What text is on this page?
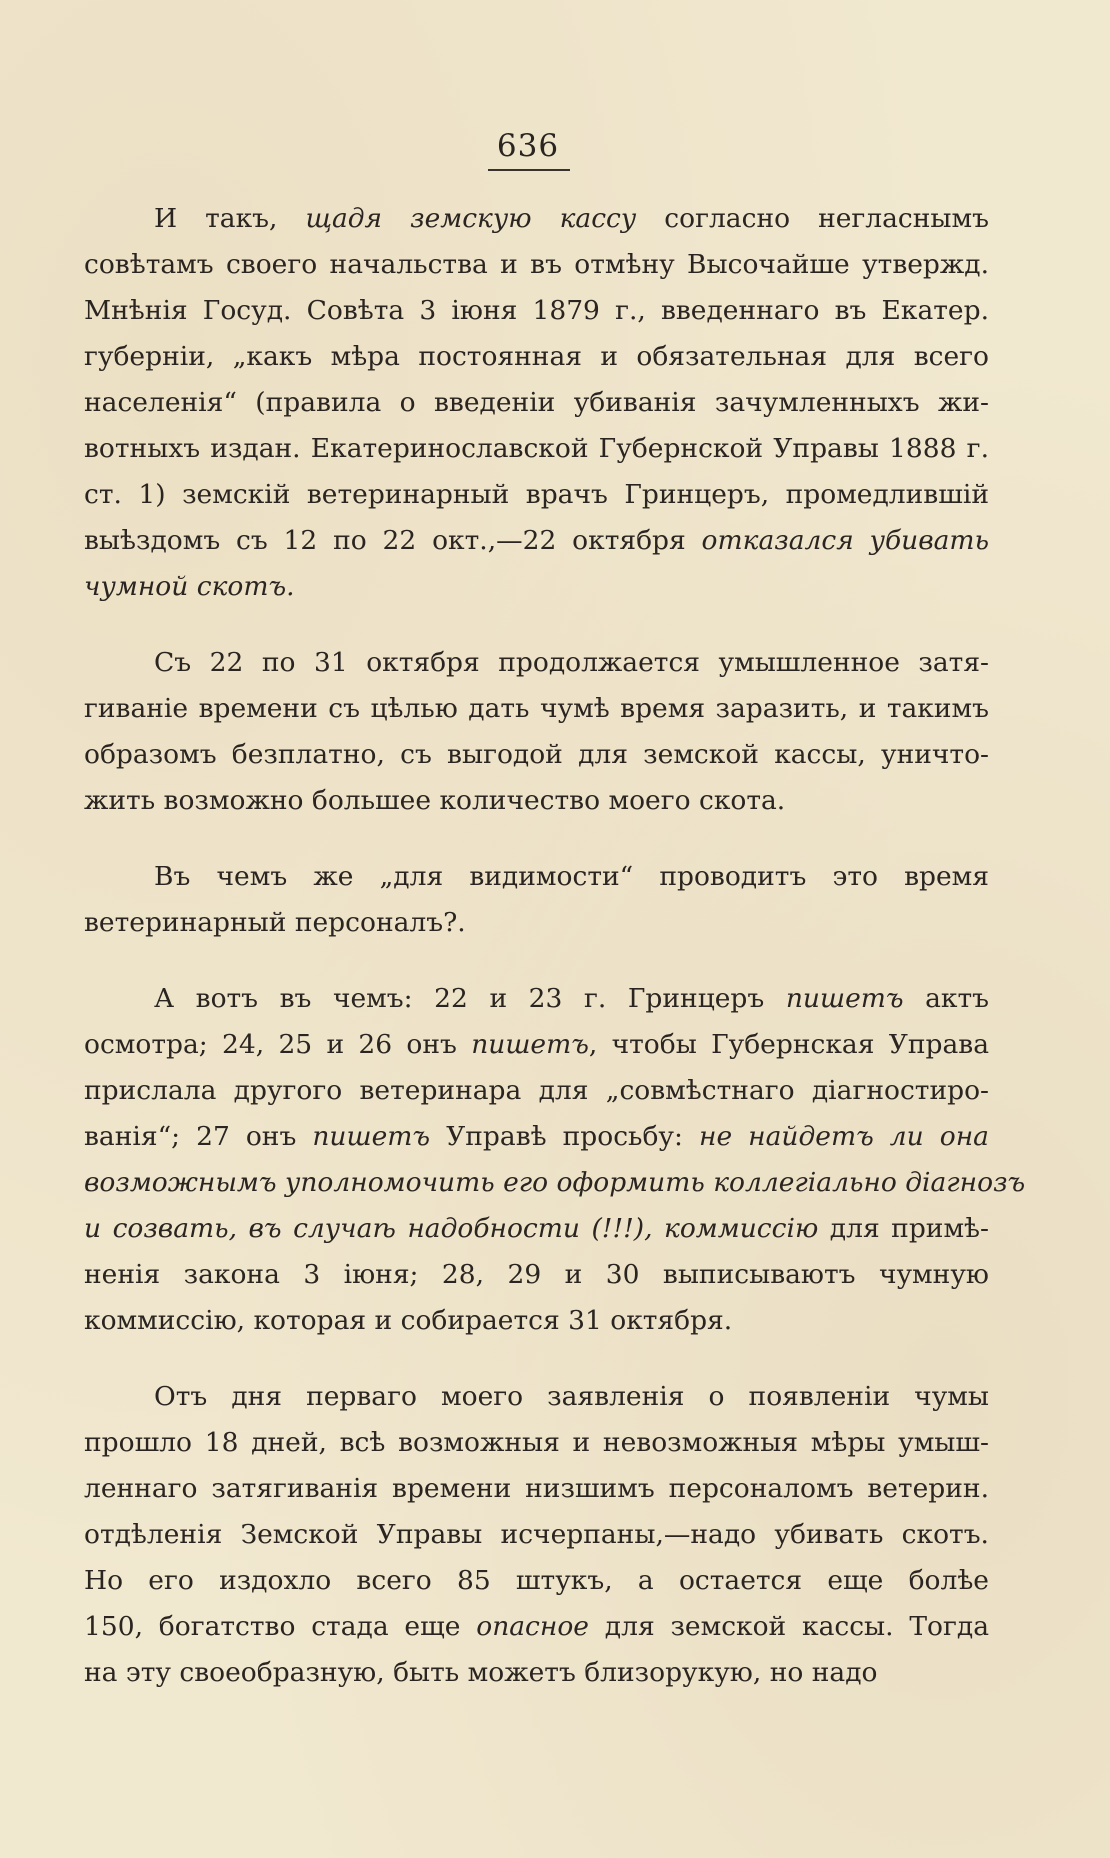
636
И такъ, щадя земскую кассу согласно негласнымъ
совѣтамъ своего начальства и въ отмѣну Высочайше утвержд.
Мнѣнія Госуд. Совѣта 3 іюня 1879 г., введеннаго въ Екатер.
губерніи, „какъ мѣра постоянная и обязательная для всего
населенія“ (правила о введеніи убиванія зачумленныхъ жи-
вотныхъ издан. Екатеринославской Губернской Управы 1888 г.
ст. 1) земскій ветеринарный врачъ Гринцеръ, промедлившій
выѣздомъ съ 12 по 22 окт.,—22 октября отказался убивать
чумной скотъ.
Съ 22 по 31 октября продолжается умышленное затя-
гиваніе времени съ цѣлью дать чумѣ время заразить, и такимъ
образомъ безплатно, съ выгодой для земской кассы, уничто-
жить возможно большее количество моего скота.
Въ чемъ же „для видимости“ проводитъ это время
ветеринарный персоналъ?.
А вотъ въ чемъ: 22 и 23 г. Гринцеръ пишетъ актъ
осмотра; 24, 25 и 26 онъ пишетъ, чтобы Губернская Управа
прислала другого ветеринара для „совмѣстнаго діагностиро-
ванія“; 27 онъ пишетъ Управѣ просьбу: не найдетъ ли она
возможнымъ уполномочить его оформить коллегіально діагнозъ
и созвать, въ случаѣ надобности (!!!), коммиссію для примѣ-
ненія закона 3 іюня; 28, 29 и 30 выписываютъ чумную
коммиссію, которая и собирается 31 октября.
Отъ дня перваго моего заявленія о появленіи чумы
прошло 18 дней, всѣ возможныя и невозможныя мѣры умыш-
леннаго затягиванія времени низшимъ персоналомъ ветерин.
отдѣленія Земской Управы исчерпаны,—надо убивать скотъ.
Но его издохло всего 85 штукъ, а остается еще болѣе
150, богатство стада еще опасное для земской кассы. Тогда
на эту своеобразную, быть можетъ близорукую, но надо
